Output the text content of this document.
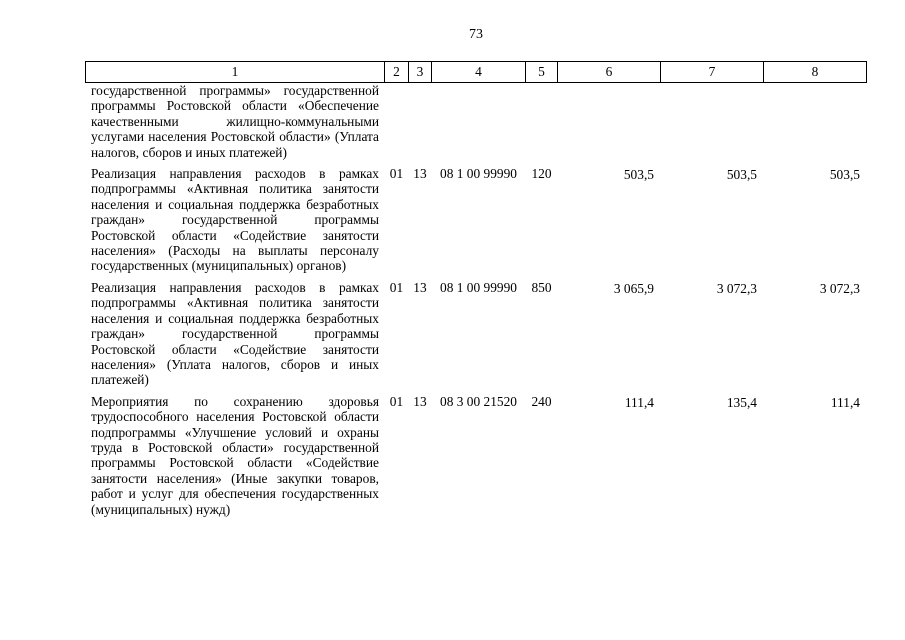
73
1	2	3	4	5	6	7	8
государственной программы» государственной программы Ростовской области «Обеспечение качественными жилищно-коммунальными услугами населения Ростовской области» (Уплата налогов, сборов и иных платежей)							
Реализация направления расходов в рамках подпрограммы «Активная политика занятости населения и социальная поддержка безработных граждан» государственной программы Ростовской области «Содействие занятости населения» (Расходы на выплаты персоналу государственных (муниципальных) органов)	01	13	08 1 00 99990	120	503,5	503,5	503,5
Реализация направления расходов в рамках подпрограммы «Активная политика занятости населения и социальная поддержка безработных граждан» государственной программы Ростовской области «Содействие занятости населения» (Уплата налогов, сборов и иных платежей)	01	13	08 1 00 99990	850	3 065,9	3 072,3	3 072,3
Мероприятия по сохранению здоровья трудоспособного населения Ростовской области подпрограммы «Улучшение условий и охраны труда в Ростовской области» государственной программы Ростовской области «Содействие занятости населения» (Иные закупки товаров, работ и услуг для обеспечения государственных (муниципальных) нужд)	01	13	08 3 00 21520	240	111,4	135,4	111,4
